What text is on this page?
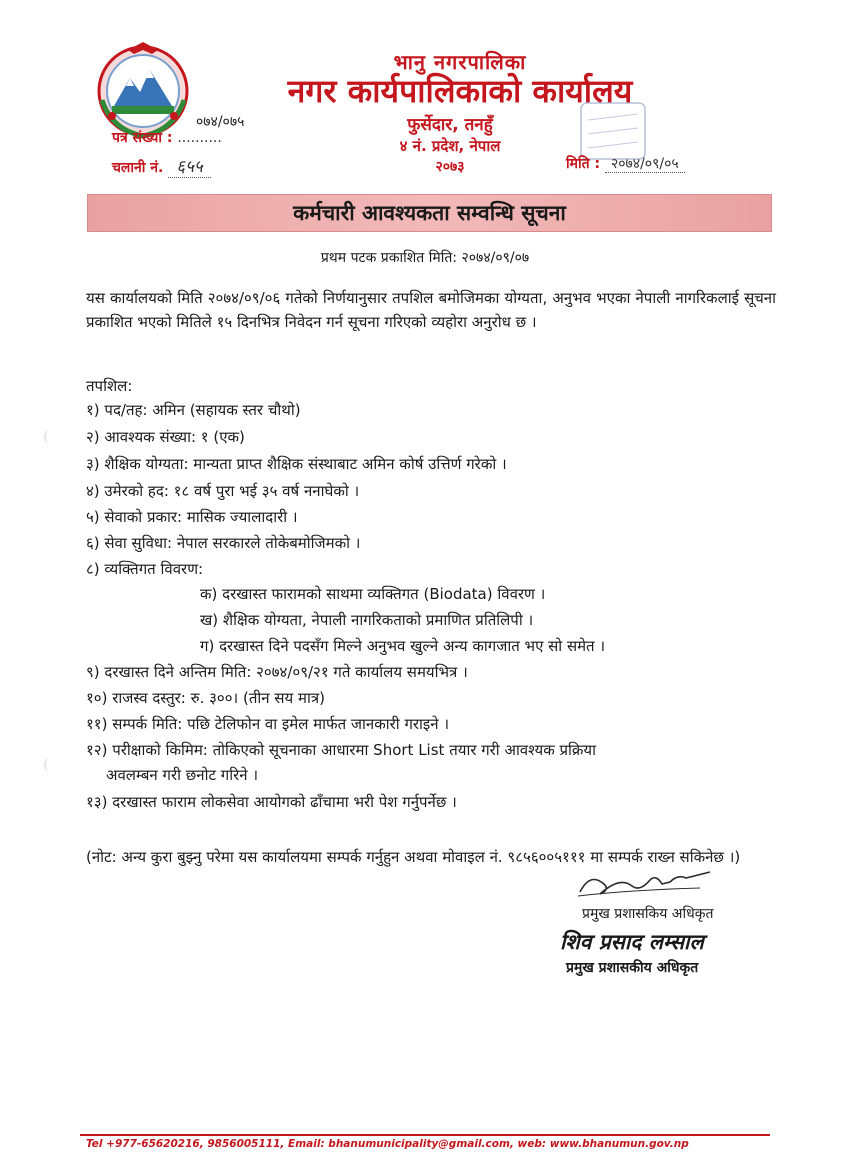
भानु नगरपालिका
नगर कार्यपालिकाको कार्यालय
फुर्सेदार, तनहुँ
४ नं. प्रदेश, नेपाल
२०७३
पत्र संख्या : ..........
०७४/०७५
चलानी नं. ६५५	मिति : २०७४/०९/०५
कर्मचारी आवश्यकता सम्वन्धि सूचना
प्रथम पटक प्रकाशित मिति: २०७४/०९/०७
यस कार्यालयको मिति २०७४/०९/०६ गतेको निर्णयानुसार तपशिल बमोजिमका योग्यता, अनुभव भएका नेपाली नागरिकलाई सूचना प्रकाशित भएको मितिले १५ दिनभित्र निवेदन गर्न सूचना गरिएको व्यहोरा अनुरोध छ ।
तपशिल:
१) पद/तह: अमिन (सहायक स्तर चौथो)
२) आवश्यक संख्या: १ (एक)
३) शैक्षिक योग्यता: मान्यता प्राप्त शैक्षिक संस्थाबाट अमिन कोर्ष उत्तिर्ण गरेको ।
४) उमेरको हद: १८ वर्ष पुरा भई ३५ वर्ष ननाघेको ।
५) सेवाको प्रकार: मासिक ज्यालादारी ।
६) सेवा सुविधा: नेपाल सरकारले तोकेबमोजिमको ।
८) व्यक्तिगत विवरण:
क) दरखास्त फारामको साथमा व्यक्तिगत (Biodata) विवरण ।
ख) शैक्षिक योग्यता, नेपाली नागरिकताको प्रमाणित प्रतिलिपी ।
ग) दरखास्त दिने पदसँग मिल्ने अनुभव खुल्ने अन्य कागजात भए सो समेत ।
९) दरखास्त दिने अन्तिम मिति: २०७४/०९/२१ गते कार्यालय समयभित्र ।
१०) राजस्व दस्तुर: रु. ३००। (तीन सय मात्र)
११) सम्पर्क मिति: पछि टेलिफोन वा इमेल मार्फत जानकारी गराइने ।
१२) परीक्षाको किमिम: तोकिएको सूचनाका आधारमा Short List तयार गरी आवश्यक प्रक्रिया
अवलम्बन गरी छनोट गरिने ।
१३) दरखास्त फाराम लोकसेवा आयोगको ढाँचामा भरी पेश गर्नुपर्नेछ ।
(नोट: अन्य कुरा बुझ्नु परेमा यस कार्यालयमा सम्पर्क गर्नुहुन अथवा मोवाइल नं. ९८५६००५१११ मा सम्पर्क राख्न सकिनेछ ।)
प्रमुख प्रशासकिय अधिकृत
शिव प्रसाद लम्साल
प्रमुख प्रशासकीय अधिकृत
Tel +977-65620216, 9856005111, Email: bhanumunicipality@gmail.com, web: www.bhanumun.gov.np
